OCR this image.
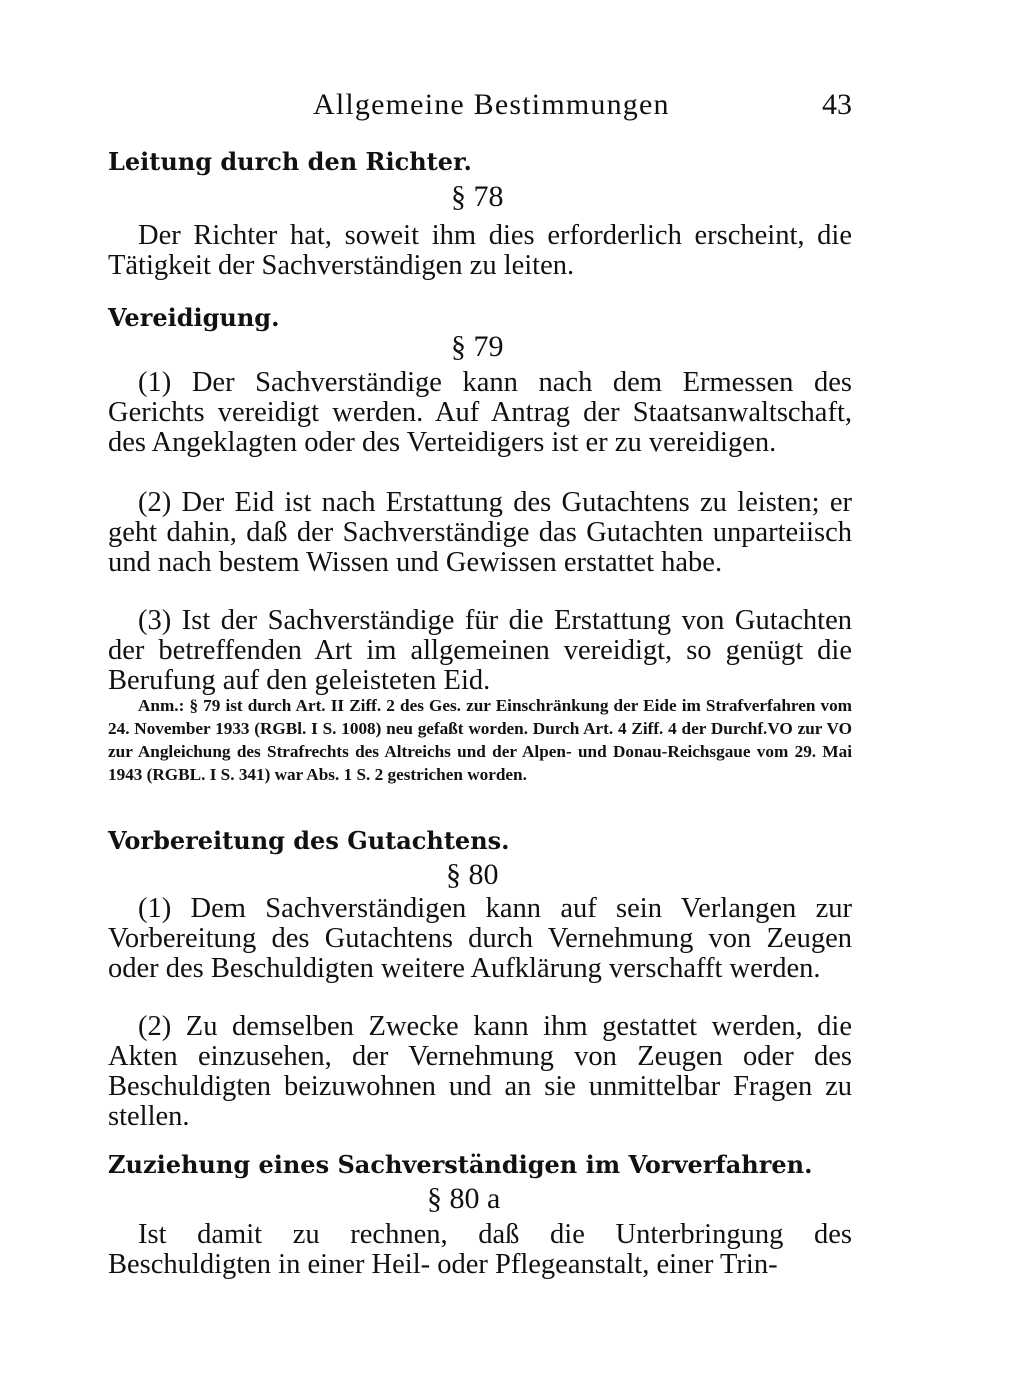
Allgemeine Bestimmungen	43
Leitung durch den Richter.
§ 78
Der Richter hat, soweit ihm dies erforderlich erscheint, die Tätigkeit der Sachverständigen zu leiten.
Vereidigung.
§ 79
(1) Der Sachverständige kann nach dem Ermessen des Gerichts vereidigt werden. Auf Antrag der Staatsanwaltschaft, des Angeklagten oder des Verteidigers ist er zu vereidigen.
(2) Der Eid ist nach Erstattung des Gutachtens zu leisten; er geht dahin, daß der Sachverständige das Gutachten unparteiisch und nach bestem Wissen und Gewissen erstattet habe.
(3) Ist der Sachverständige für die Erstattung von Gutachten der betreffenden Art im allgemeinen vereidigt, so genügt die Berufung auf den geleisteten Eid.
Anm.: § 79 ist durch Art. II Ziff. 2 des Ges. zur Einschränkung der Eide im Strafverfahren vom 24. November 1933 (RGBl. I S. 1008) neu gefaßt worden. Durch Art. 4 Ziff. 4 der Durchf.VO zur VO zur Angleichung des Strafrechts des Altreichs und der Alpen- und Donau-Reichsgaue vom 29. Mai 1943 (RGBL. I S. 341) war Abs. 1 S. 2 gestrichen worden.
Vorbereitung des Gutachtens.
§ 80
(1) Dem Sachverständigen kann auf sein Verlangen zur Vorbereitung des Gutachtens durch Vernehmung von Zeugen oder des Beschuldigten weitere Aufklärung verschafft werden.
(2) Zu demselben Zwecke kann ihm gestattet werden, die Akten einzusehen, der Vernehmung von Zeugen oder des Beschuldigten beizuwohnen und an sie unmittelbar Fragen zu stellen.
Zuziehung eines Sachverständigen im Vorverfahren.
§ 80 a
Ist damit zu rechnen, daß die Unterbringung des Beschuldigten in einer Heil- oder Pflegeanstalt, einer Trin-
